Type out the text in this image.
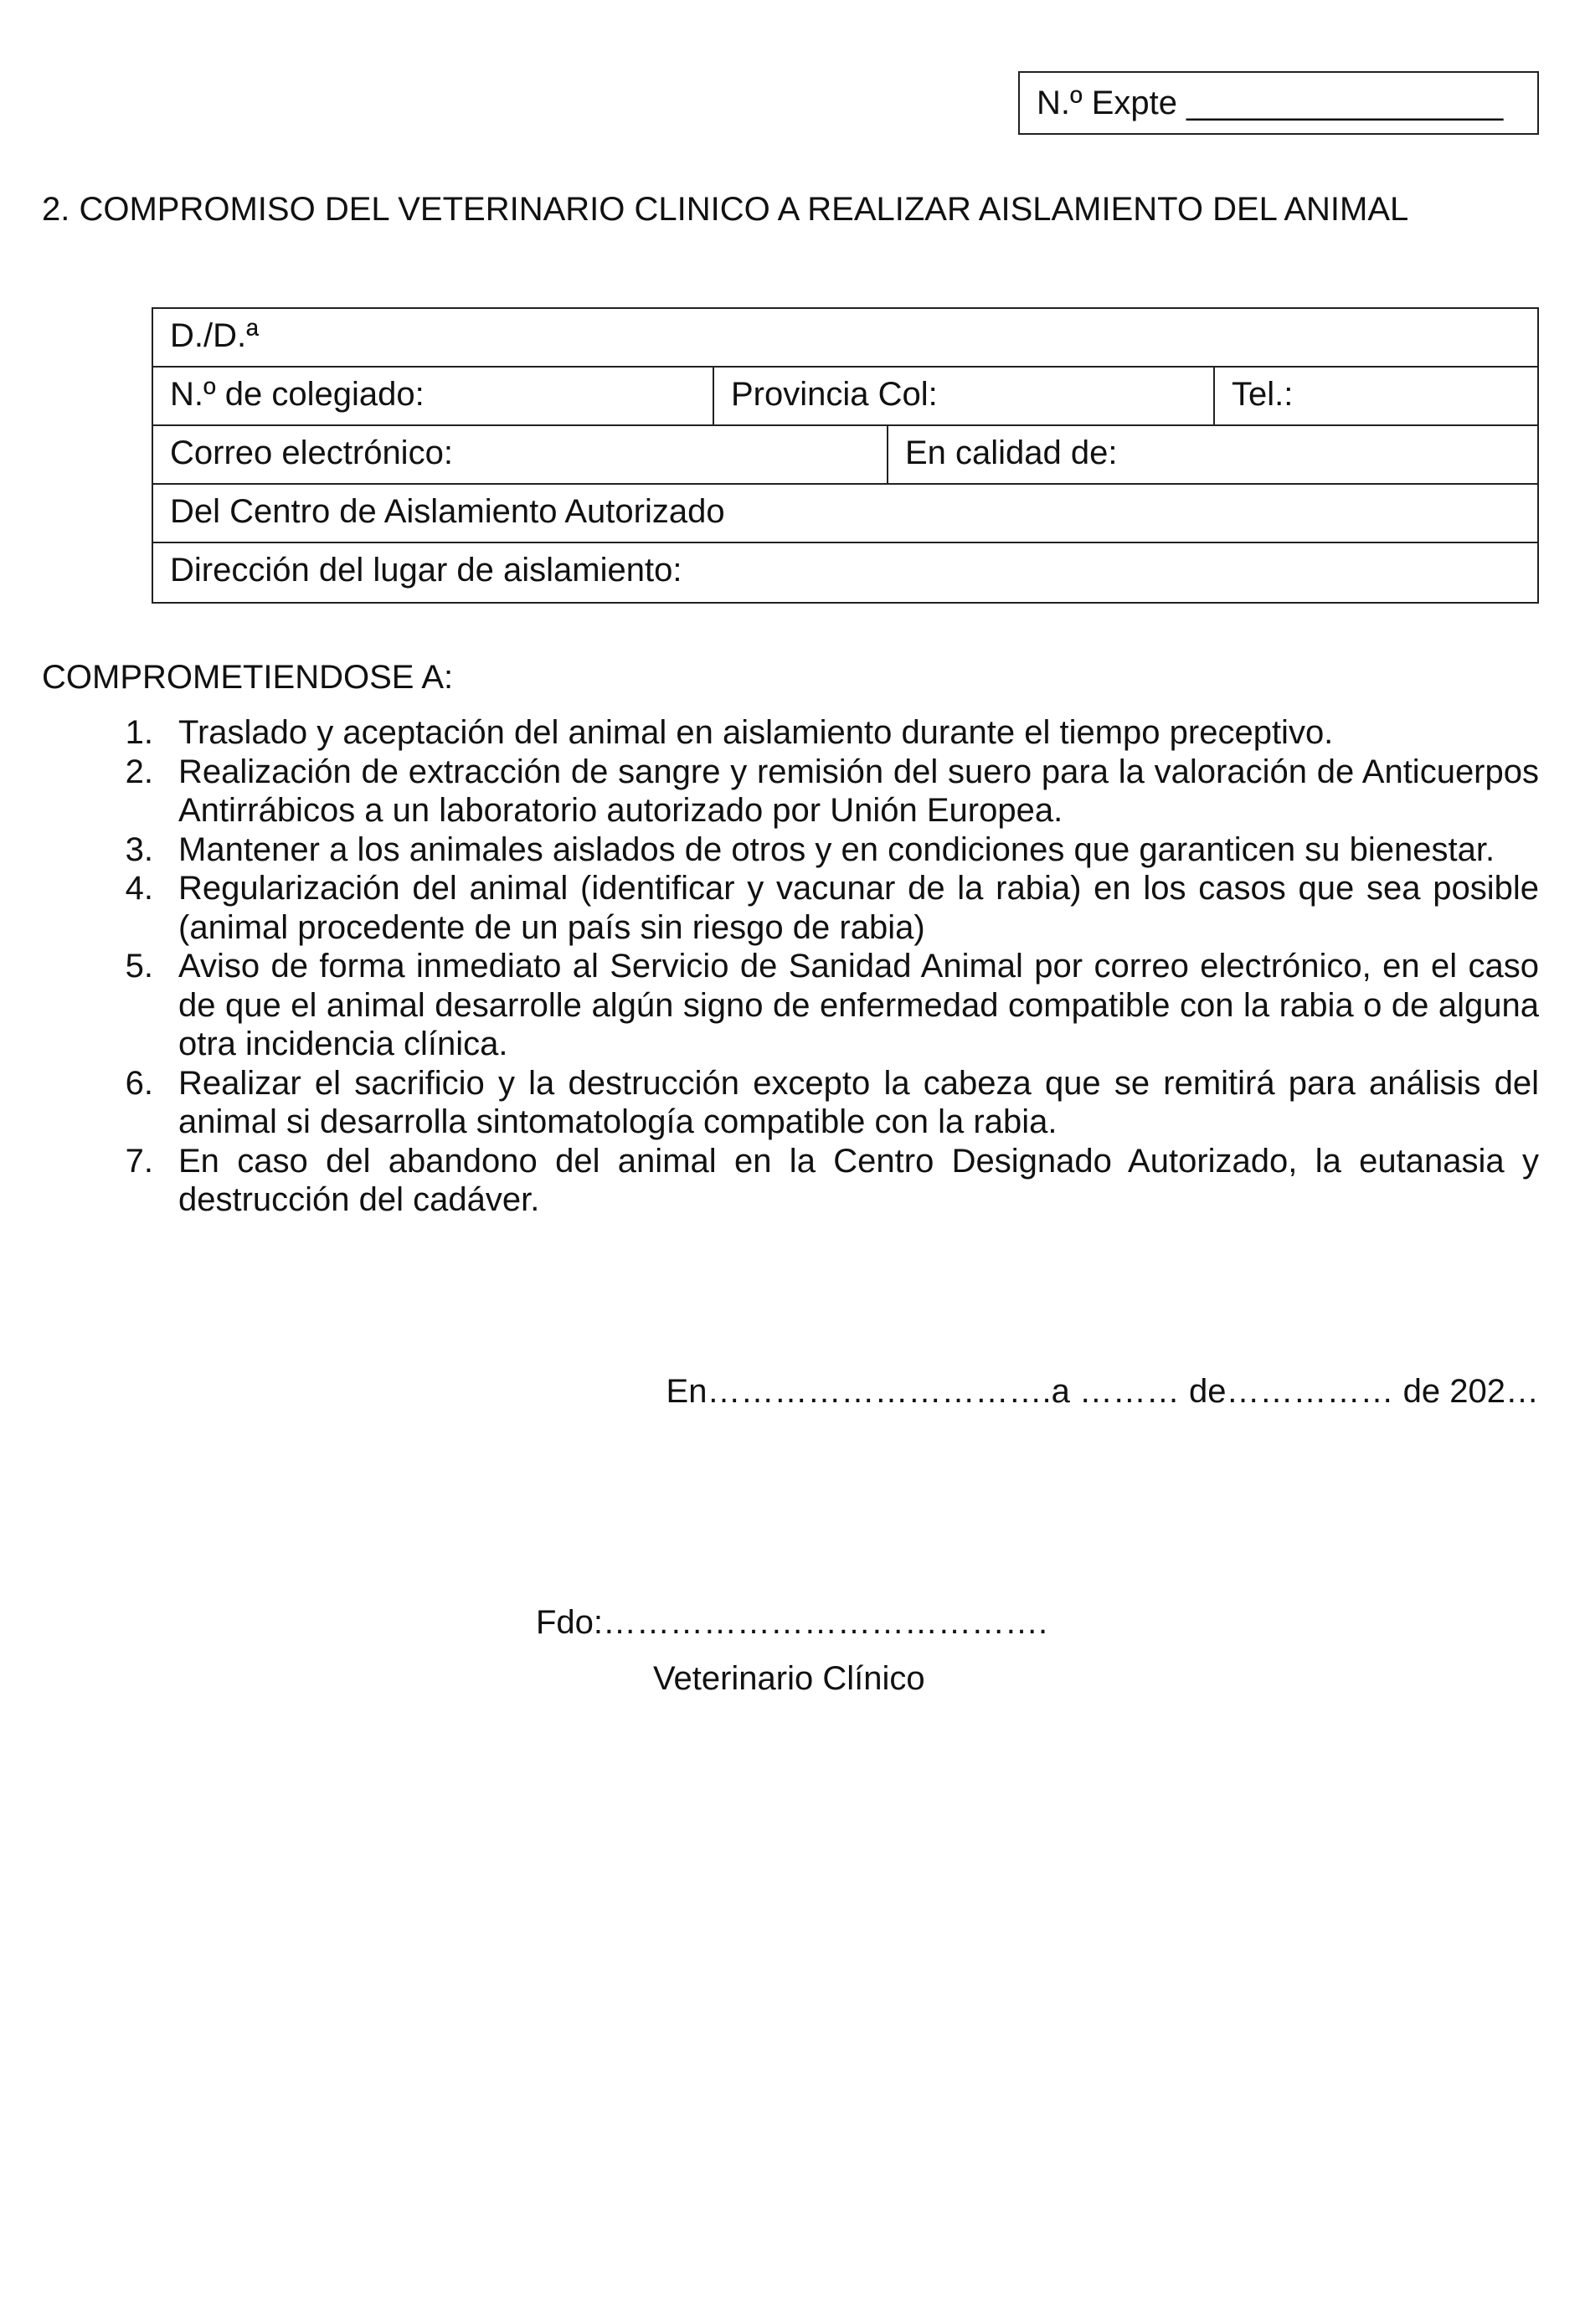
N.º Expte _________________
2. COMPROMISO DEL VETERINARIO CLINICO A REALIZAR AISLAMIENTO DEL ANIMAL
D./D.ª
N.º de colegiado:	Provincia Col:	Tel.:
Correo electrónico:	En calidad de:
Del Centro de Aislamiento Autorizado
Dirección del lugar de aislamiento:
COMPROMETIENDOSE A:
1. Traslado y aceptación del animal en aislamiento durante el tiempo preceptivo.
2. Realización de extracción de sangre y remisión del suero para la valoración de Anticuerpos Antirrábicos a un laboratorio autorizado por Unión Europea.
3. Mantener a los animales aislados de otros y en condiciones que garanticen su bienestar.
4. Regularización del animal (identificar y vacunar de la rabia) en los casos que sea posible (animal procedente de un país sin riesgo de rabia)
5. Aviso de forma inmediato al Servicio de Sanidad Animal por correo electrónico, en el caso de que el animal desarrolle algún signo de enfermedad compatible con la rabia o de alguna otra incidencia clínica.
6. Realizar el sacrificio y la destrucción excepto la cabeza que se remitirá para análisis del animal si desarrolla sintomatología compatible con la rabia.
7. En caso del abandono del animal en la Centro Designado Autorizado, la eutanasia y destrucción del cadáver.
En………………………….a ……… de…………… de 202…
Fdo:………………………………….
Veterinario Clínico
